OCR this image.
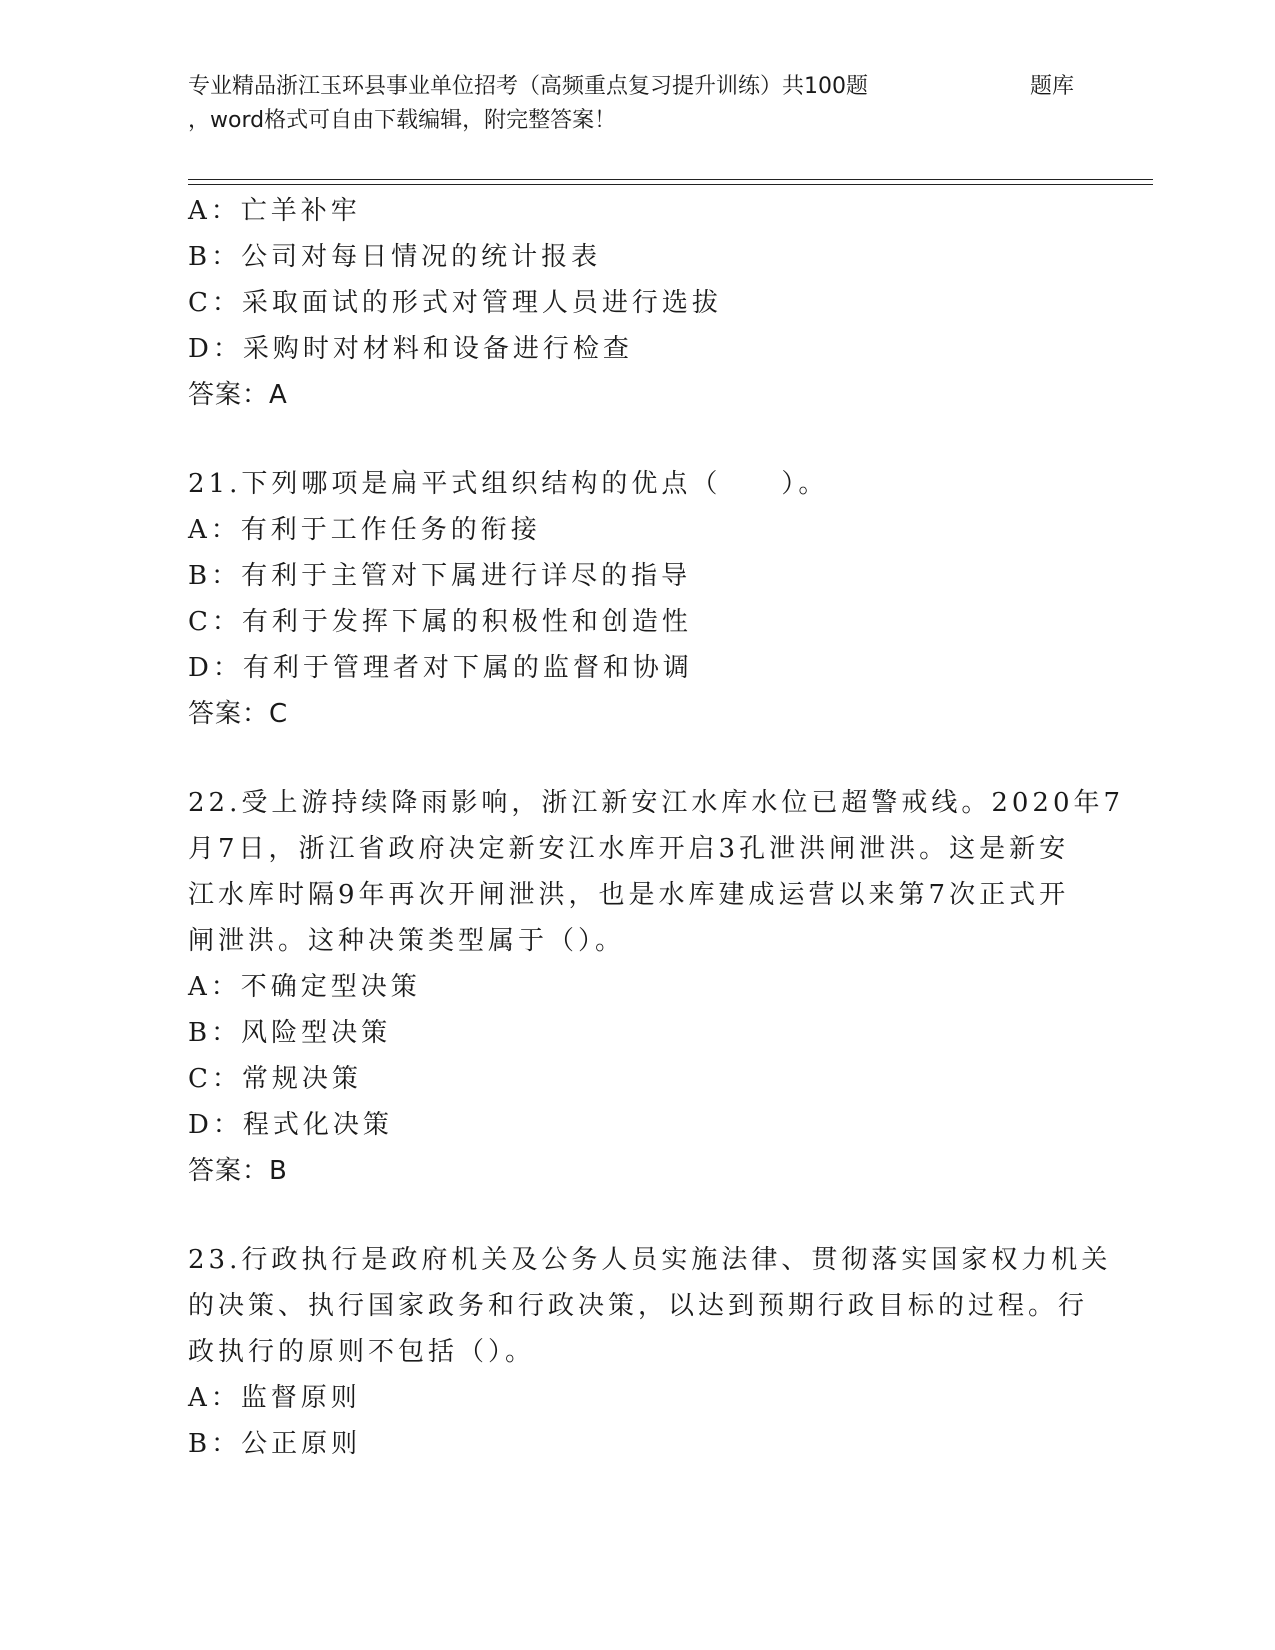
专业精品浙江玉环县事业单位招考（高频重点复习提升训练）共100题	题库
，word格式可自由下载编辑，附完整答案！
A：亡羊补牢
B：公司对每日情况的统计报表
C：采取面试的形式对管理人员进行选拔
D：采购时对材料和设备进行检查
答案：A
21.下列哪项是扁平式组织结构的优点（　　）。
A：有利于工作任务的衔接
B：有利于主管对下属进行详尽的指导
C：有利于发挥下属的积极性和创造性
D：有利于管理者对下属的监督和协调
答案：C
22.受上游持续降雨影响，浙江新安江水库水位已超警戒线。2020年7
月7日，浙江省政府决定新安江水库开启3孔泄洪闸泄洪。这是新安
江水库时隔9年再次开闸泄洪，也是水库建成运营以来第7次正式开
闸泄洪。这种决策类型属于（）。
A：不确定型决策
B：风险型决策
C：常规决策
D：程式化决策
答案：B
23.行政执行是政府机关及公务人员实施法律、贯彻落实国家权力机关
的决策、执行国家政务和行政决策，以达到预期行政目标的过程。行
政执行的原则不包括（）。
A：监督原则
B：公正原则
